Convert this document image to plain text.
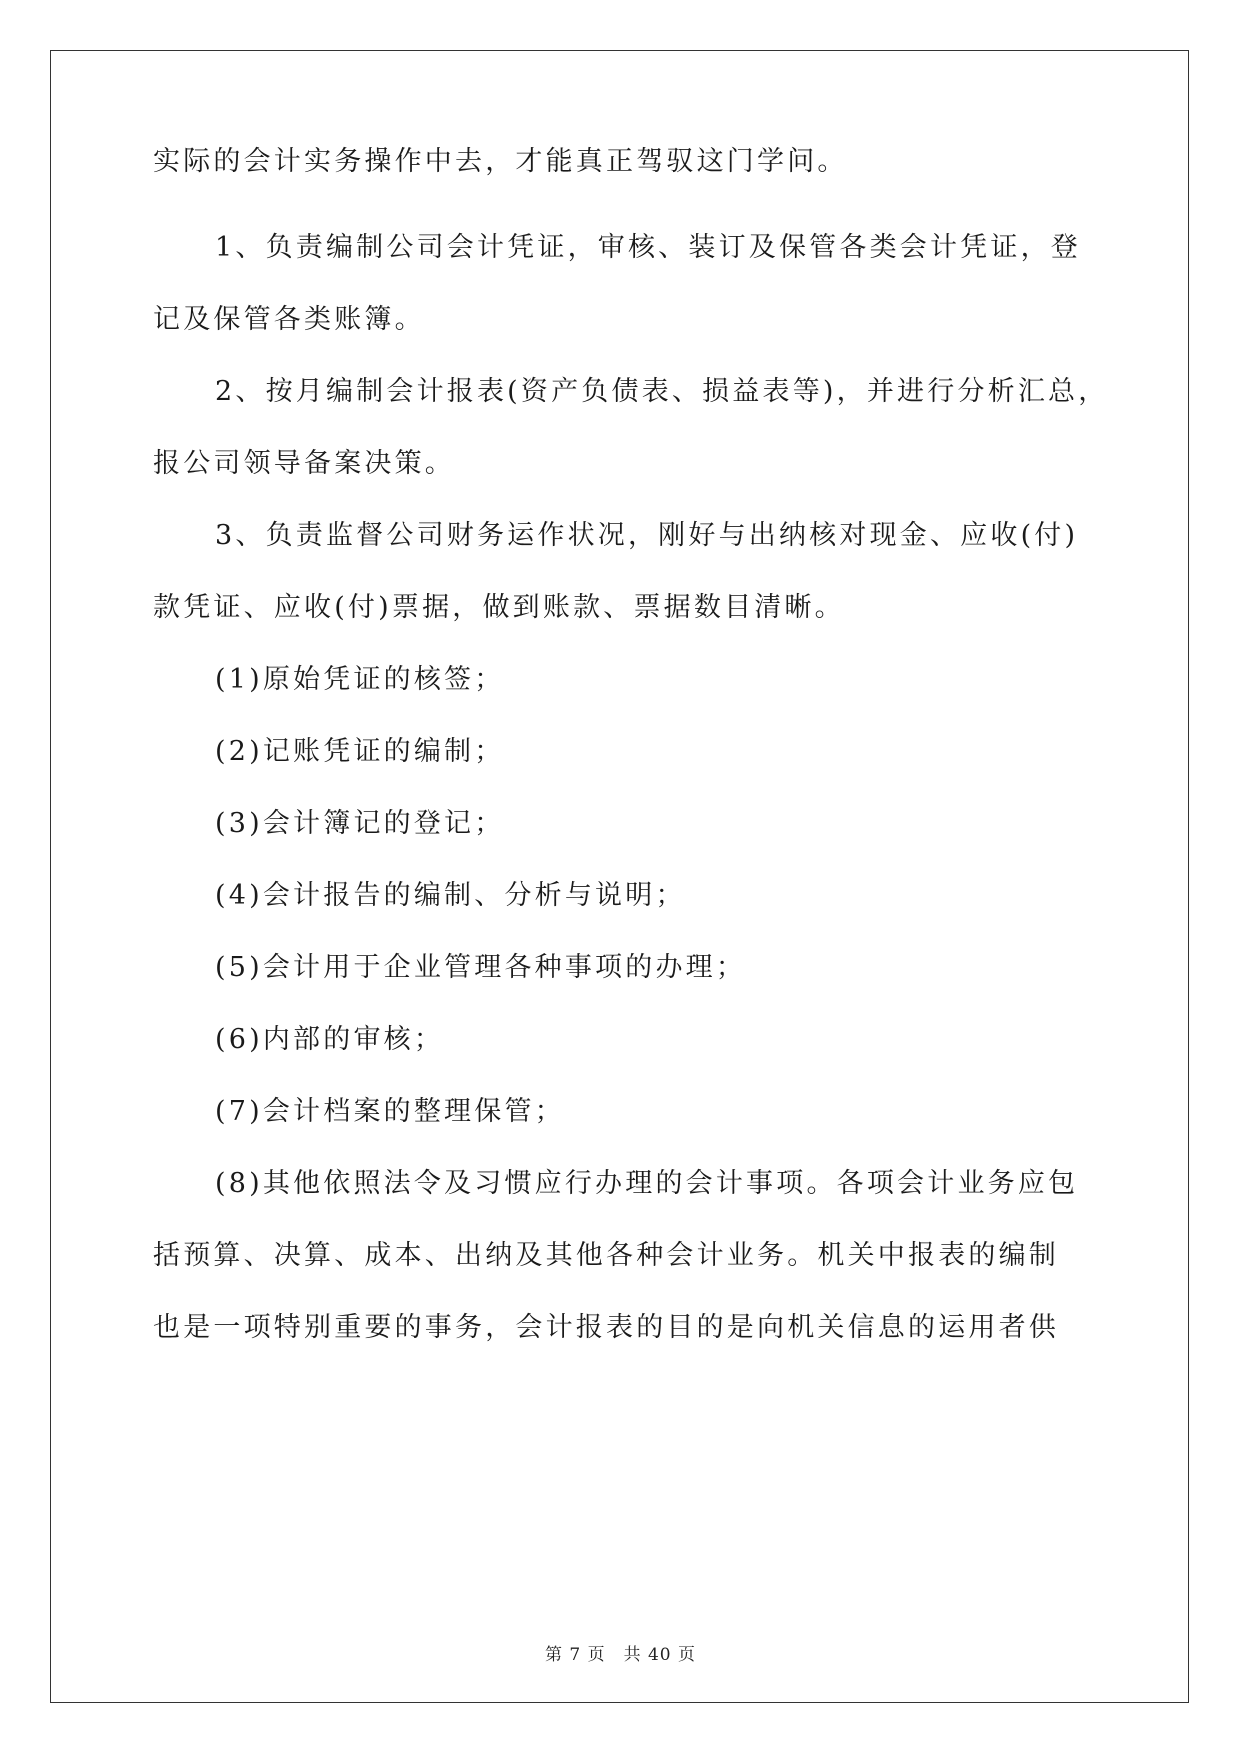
实际的会计实务操作中去，才能真正驾驭这门学问。
1、负责编制公司会计凭证，审核、装订及保管各类会计凭证，登
记及保管各类账簿。
2、按月编制会计报表(资产负债表、损益表等)，并进行分析汇总，
报公司领导备案决策。
3、负责监督公司财务运作状况，刚好与出纳核对现金、应收(付)
款凭证、应收(付)票据，做到账款、票据数目清晰。
(1)原始凭证的核签；
(2)记账凭证的编制；
(3)会计簿记的登记；
(4)会计报告的编制、分析与说明；
(5)会计用于企业管理各种事项的办理；
(6)内部的审核；
(7)会计档案的整理保管；
(8)其他依照法令及习惯应行办理的会计事项。各项会计业务应包
括预算、决算、成本、出纳及其他各种会计业务。机关中报表的编制
也是一项特别重要的事务，会计报表的目的是向机关信息的运用者供
第 7 页　共 40 页
